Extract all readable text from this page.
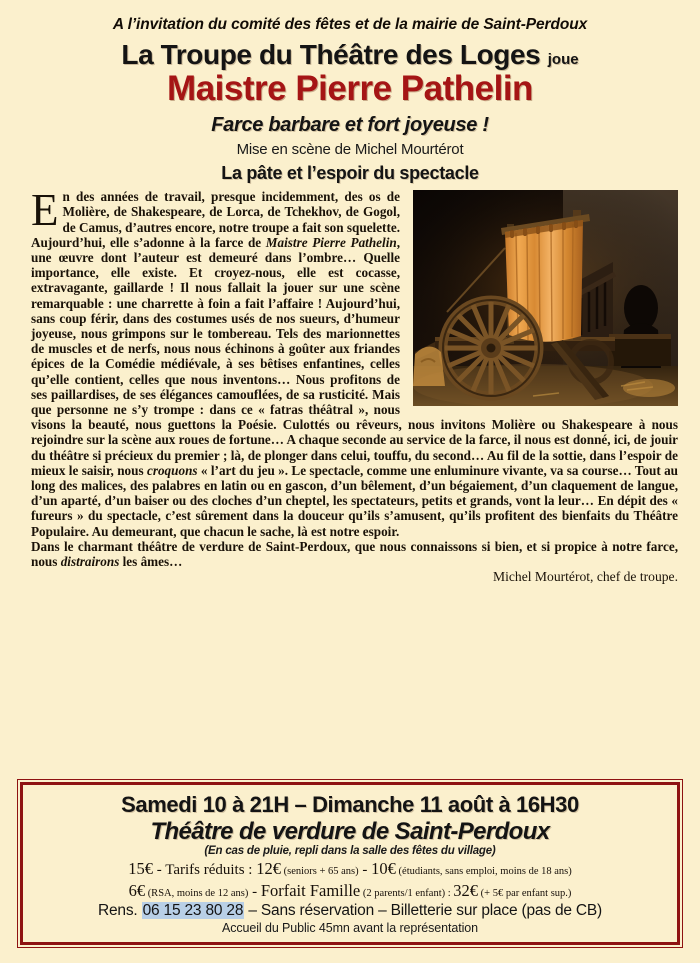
A l’invitation du comité des fêtes et de la mairie de Saint-Perdoux
La Troupe du Théâtre des Loges joue
Maistre Pierre Pathelin
Farce barbare et fort joyeuse !
Mise en scène de Michel Mourtérot
La pâte et l’espoir du spectacle

En des années de travail, presque incidemment, des os de Molière, de Shakespeare, de Lorca, de Tchekhov, de Gogol, de Camus, d’autres encore, notre troupe a fait son squelette. Aujourd’hui, elle s’adonne à la farce de Maistre Pierre Pathelin, une œuvre dont l’auteur est demeuré dans l’ombre… Quelle importance, elle existe. Et croyez-nous, elle est cocasse, extravagante, gaillarde ! Il nous fallait la jouer sur une scène remarquable : une charrette à foin a fait l’affaire ! Aujourd’hui, sans coup férir, dans des costumes usés de nos sueurs, d’humeur joyeuse, nous grimpons sur le tombereau. Tels des marionnettes de muscles et de nerfs, nous nous échinons à goûter aux friandes épices de la Comédie médiévale, à ses bêtises enfantines, celles qu’elle contient, celles que nous inventons… Nous profitons de ses paillardises, de ses élégances camouflées, de sa rusticité. Mais que personne ne s’y trompe : dans ce « fatras théâtral », nous visons la beauté, nous guettons la Poésie. Culottés ou rêveurs, nous invitons Molière ou Shakespeare à nous rejoindre sur la scène aux roues de fortune… A chaque seconde au service de la farce, il nous est donné, ici, de jouir du théâtre si précieux du premier ; là, de plonger dans celui, touffu, du second… Au fil de la sottie, dans l’espoir de mieux le saisir, nous croquons « l’art du jeu ». Le spectacle, comme une enluminure vivante, va sa course… Tout au long des malices, des palabres en latin ou en gascon, d’un bêlement, d’un bégaiement, d’un claquement de langue, d’un aparté, d’un baiser ou des cloches d’un cheptel, les spectateurs, petits et grands, vont la leur… En dépit des « fureurs » du spectacle, c’est sûrement dans la douceur qu’ils s’amusent, qu’ils profitent des bienfaits du Théâtre Populaire. Au demeurant, que chacun le sache, là est notre espoir.

Dans le charmant théâtre de verdure de Saint-Perdoux, que nous connaissons si bien, et si propice à notre farce, nous distrairons les âmes…

Michel Mourtérot, chef de troupe.

Samedi 10 à 21H – Dimanche 11 août à 16H30
Théâtre de verdure de Saint-Perdoux
(En cas de pluie, repli dans la salle des fêtes du village)
15€ - Tarifs réduits : 12€ (seniors + 65 ans) - 10€ (étudiants, sans emploi, moins de 18 ans)
6€ (RSA, moins de 12 ans) - Forfait Famille (2 parents/1 enfant) : 32€ (+ 5€ par enfant sup.)
Rens. 06 15 23 80 28 – Sans réservation – Billetterie sur place (pas de CB)
Accueil du Public 45mn avant la représentation
